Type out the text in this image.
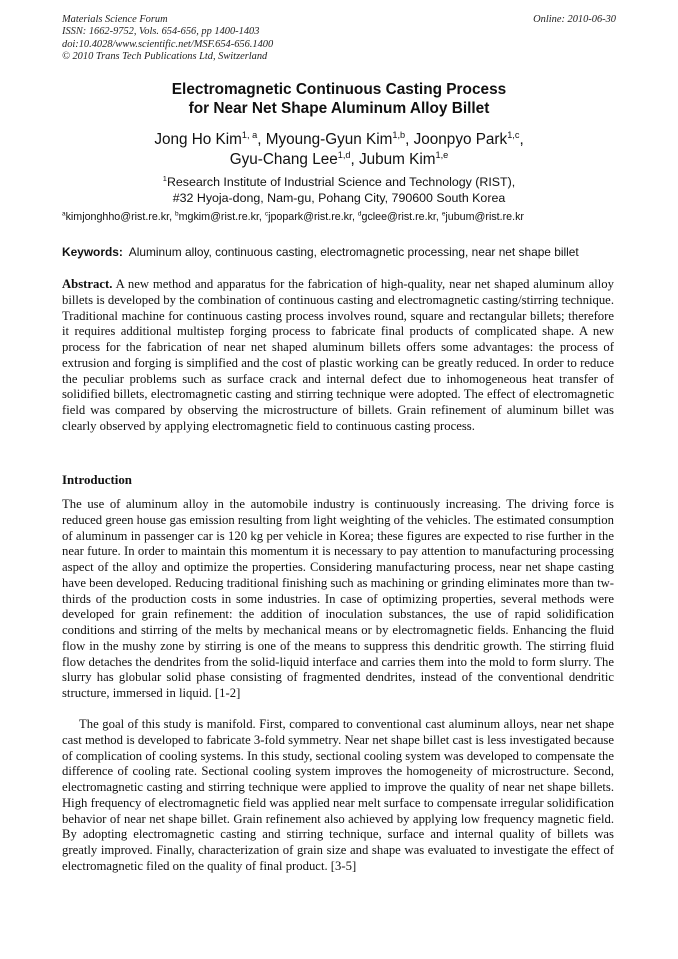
Materials Science Forum
ISSN: 1662-9752, Vols. 654-656, pp 1400-1403
doi:10.4028/www.scientific.net/MSF.654-656.1400
© 2010 Trans Tech Publications Ltd, Switzerland
Online: 2010-06-30
Electromagnetic Continuous Casting Process
for Near Net Shape Aluminum Alloy Billet
Jong Ho Kim$^{1, a}$, Myoung-Gyun Kim$^{1,b}$, Joonpyo Park$^{1,c}$,
Gyu-Chang Lee$^{1,d}$, Jubum Kim$^{1,e}$
$^1$Research Institute of Industrial Science and Technology (RIST),
#32 Hyoja-dong, Nam-gu, Pohang City, 790600 South Korea
$^a$kimjonghho@rist.re.kr, $^b$mgkim@rist.re.kr, $^c$jpopark@rist.re.kr, $^d$gclee@rist.re.kr, $^e$jubum@rist.re.kr
Keywords: Aluminum alloy, continuous casting, electromagnetic processing, near net shape billet
Abstract. A new method and apparatus for the fabrication of high-quality, near net shaped aluminum alloy billets is developed by the combination of continuous casting and electromagnetic casting/stirring technique. Traditional machine for continuous casting process involves round, square and rectangular billets; therefore it requires additional multistep forging process to fabricate final products of complicated shape. A new process for the fabrication of near net shaped aluminum billets offers some advantages: the process of extrusion and forging is simplified and the cost of plastic working can be greatly reduced. In order to reduce the peculiar problems such as surface crack and internal defect due to inhomogeneous heat transfer of solidified billets, electromagnetic casting and stirring technique were adopted. The effect of electromagnetic field was compared by observing the microstructure of billets. Grain refinement of aluminum billet was clearly observed by applying electromagnetic field to continuous casting process.
Introduction
The use of aluminum alloy in the automobile industry is continuously increasing. The driving force is reduced green house gas emission resulting from light weighting of the vehicles. The estimated consumption of aluminum in passenger car is 120 kg per vehicle in Korea; these figures are expected to rise further in the near future. In order to maintain this momentum it is necessary to pay attention to manufacturing processing aspect of the alloy and optimize the properties. Considering manufacturing process, near net shape casting have been developed. Reducing traditional finishing such as machining or grinding eliminates more than tw-thirds of the production costs in some industries. In case of optimizing properties, several methods were developed for grain refinement: the addition of inoculation substances, the use of rapid solidification conditions and stirring of the melts by mechanical means or by electromagnetic fields. Enhancing the fluid flow in the mushy zone by stirring is one of the means to suppress this dendritic growth. The stirring fluid flow detaches the dendrites from the solid-liquid interface and carries them into the mold to form slurry. The slurry has globular solid phase consisting of fragmented dendrites, instead of the conventional dendritic structure, immersed in liquid. [1-2]
The goal of this study is manifold. First, compared to conventional cast aluminum alloys, near net shape cast method is developed to fabricate 3-fold symmetry. Near net shape billet cast is less investigated because of complication of cooling systems. In this study, sectional cooling system was developed to compensate the difference of cooling rate. Sectional cooling system improves the homogeneity of microstructure. Second, electromagnetic casting and stirring technique were applied to improve the quality of near net shape billets. High frequency of electromagnetic field was applied near melt surface to compensate irregular solidification behavior of near net shape billet. Grain refinement also achieved by applying low frequency magnetic field. By adopting electromagnetic casting and stirring technique, surface and internal quality of billets was greatly improved. Finally, characterization of grain size and shape was evaluated to investigate the effect of electromagnetic filed on the quality of final product. [3-5]
